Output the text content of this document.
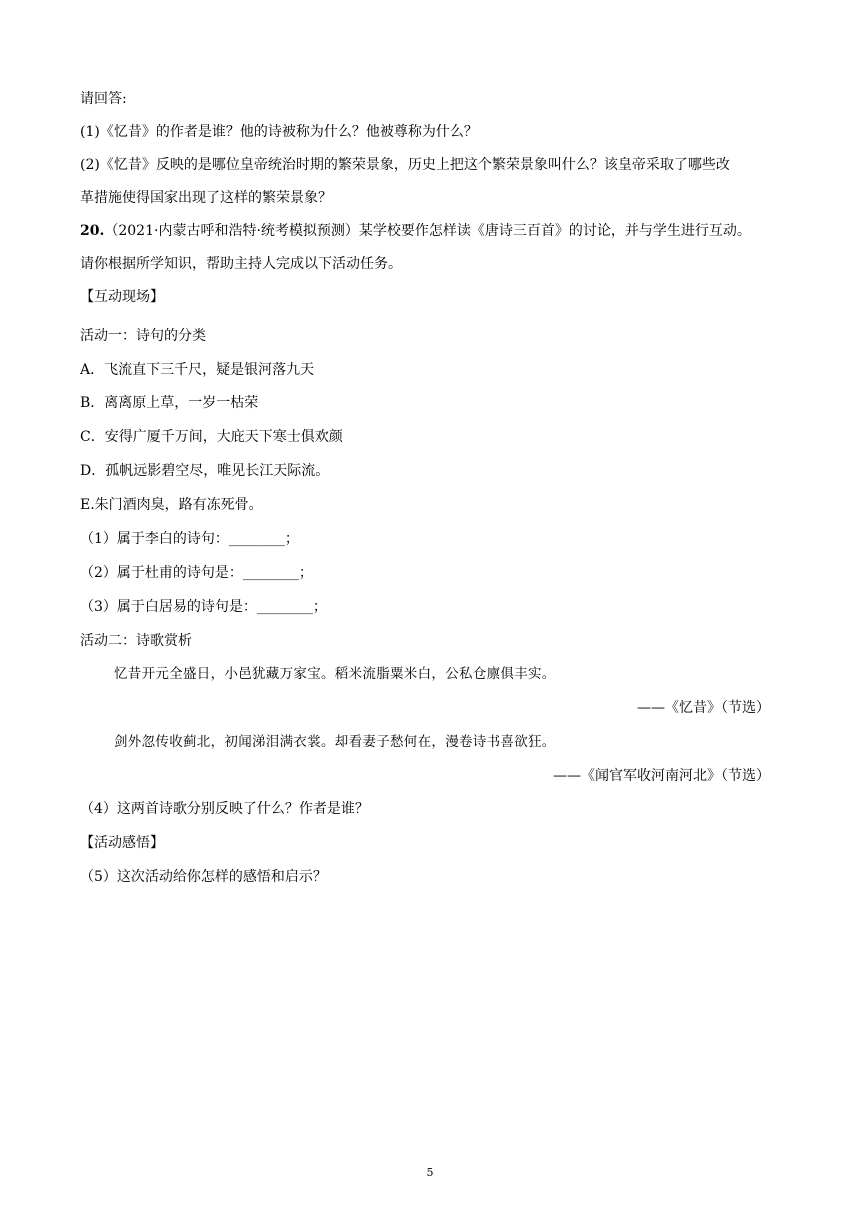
请回答:
(1)《忆昔》的作者是谁？他的诗被称为什么？他被尊称为什么？
(2)《忆昔》反映的是哪位皇帝统治时期的繁荣景象，历史上把这个繁荣景象叫什么？该皇帝采取了哪些改
革措施使得国家出现了这样的繁荣景象？
20.（2021·内蒙古呼和浩特·统考模拟预测）某学校要作怎样读《唐诗三百首》的讨论，并与学生进行互动。
请你根据所学知识，帮助主持人完成以下活动任务。
【互动现场】
活动一：诗句的分类
A．飞流直下三千尺，疑是银河落九天
B．离离原上草，一岁一枯荣
C．安得广厦千万间，大庇天下寒士俱欢颜
D．孤帆远影碧空尽，唯见长江天际流。
E.朱门酒肉臭，路有冻死骨。
（1）属于李白的诗句：________；
（2）属于杜甫的诗句是：________；
（3）属于白居易的诗句是：________；
活动二：诗歌赏析
忆昔开元全盛日，小邑犹藏万家宝。稻米流脂粟米白，公私仓廪俱丰实。
——《忆昔》（节选）
剑外忽传收蓟北，初闻涕泪满衣裳。却看妻子愁何在，漫卷诗书喜欲狂。
——《闻官军收河南河北》（节选）
（4）这两首诗歌分别反映了什么？作者是谁？
【活动感悟】
（5）这次活动给你怎样的感悟和启示？
5
